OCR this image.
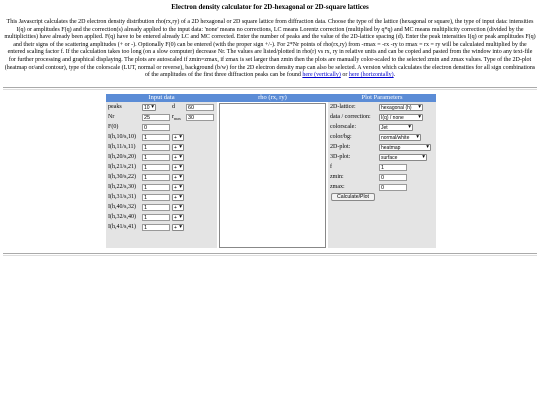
Electron density calculator for 2D-hexagonal or 2D-square lattices
This Javascript calculates the 2D electron density distribution rho(rx,ry) of a 2D hexagonal or 2D square lattice from diffraction data. Choose the type of the lattice (hexagonal or square), the type of input data: intensities I(q) or amplitudes F(q) and the correction(s) already applied to the input data: 'none' means no corrections, LC means Lorentz correction (multiplied by q*q) and MC means multiplicity correction (divided by the multiplicities) have already been applied. F(q) have to be entered already LC and MC corrected. Enter the number of peaks and the value of the 2D-lattice spacing (d). Enter the peak intensities I(q) or peak amplitudes F(q) and their signs of the scattering amplitudes (+ or -). Optionally F(0) can be entered (with the proper sign +/-). For 2*Nr points of rho(rx,ry) from -rmax = -rx -ry to rmax = rx = ry will be calculated multiplied by the entered scaling factor f. If the calculation takes too long (on a slow computer) decrease Nr. The values are listed/plotted in rho(r) vs rx, ry in relative units and can be copied and pasted from the window into any text-file for further processing and graphical displaying. The plots are autoscaled if zmin=zmax, if zmax is set larger than zmin then the plots are manually color-scaled to the selected zmin and zmax values. Type of the 2D-plot (heatmap or/and contour), type of the colorscale (LUT, normal or reverse), background (b/w) for the 2D electron density map can also be selected. A version which calculates the electron densities for all sign combinations of the amplitudes of the first three diffraction peaks can be found here (vertically) or here (horizontally).
Input data
peaks	10 ▾	d	60
Nr	25	$r_{max}$	30
F(0)	0
I(h,10/s,10)	1	+ ▾
I(h,11/s,11)	1	+ ▾
I(h,20/s,20)	1	+ ▾
I(h,21/s,21)	1	+ ▾
I(h,30/s,22)	1	+ ▾
I(h,22/s,30)	1	+ ▾
I(h,31/s,31)	1	+ ▾
I(h,40/s,32)	1	+ ▾
I(h,32/s,40)	1	+ ▾
I(h,41/s,41)	1	+ ▾
rho (rx, ry)	Plot Parameters
2D-lattice:	hexagonal (h) ▾
data / correction:	I(q) / none ▾
colorscale:	Jet ▾
color/bg:	normal/white ▾
2D-plot:	heatmap ▾
3D-plot:	surface ▾
f	1
zmin:	0
zmax:	0
Calculate/Plot
